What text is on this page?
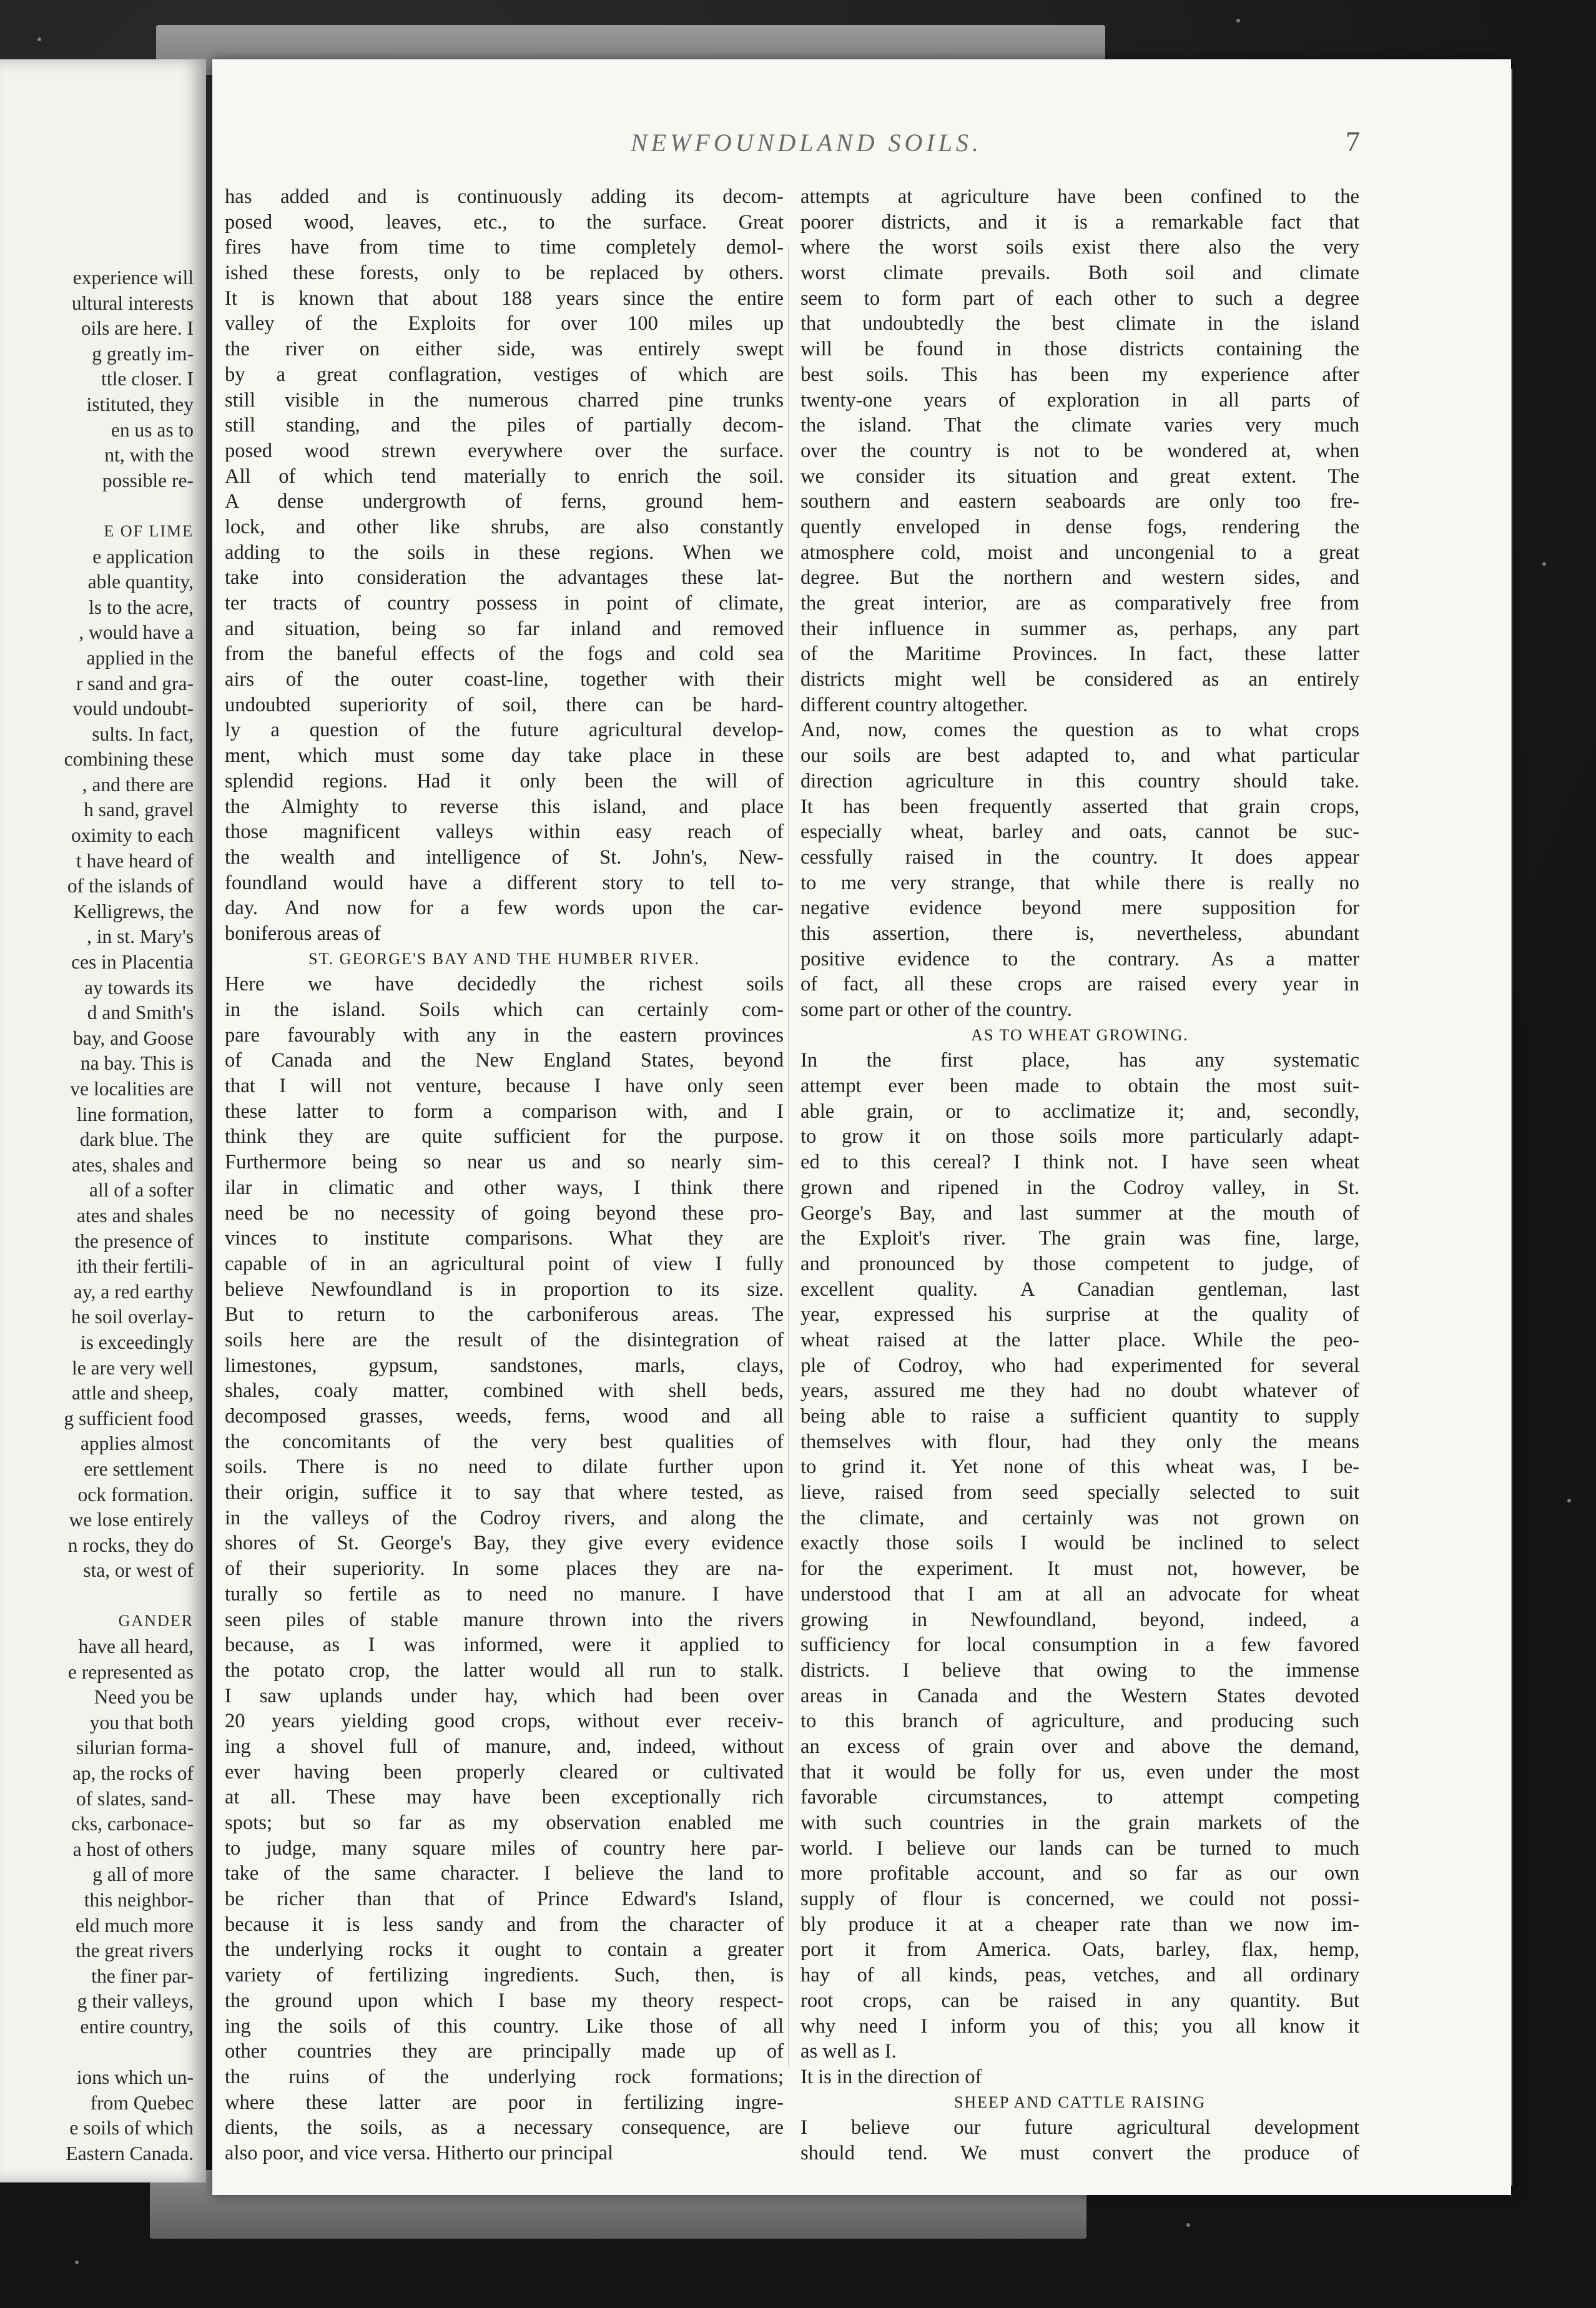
experience will
ultural interests
oils are here. I
g greatly im-
ttle closer. I
istituted, they
en us as to
nt, with the
possible re-
E OF LIME
e application
able quantity,
ls to the acre,
, would have a
applied in the
r sand and gra-
vould undoubt-
sults. In fact,
combining these
, and there are
h sand, gravel
oximity to each
t have heard of
of the islands of
Kelligrews, the
, in st. Mary's
ces in Placentia
ay towards its
d and Smith's
bay, and Goose
na bay. This is
ve localities are
line formation,
dark blue. The
ates, shales and
all of a softer
ates and shales
the presence of
ith their fertili-
ay, a red earthy
he soil overlay-
is exceedingly
le are very well
attle and sheep,
g sufficient food
applies almost
ere settlement
ock formation.
we lose entirely
n rocks, they do
sta, or west of
GANDER
have all heard,
e represented as
Need you be
you that both
silurian forma-
ap, the rocks of
of slates, sand-
cks, carbonace-
a host of others
g all of more
this neighbor-
eld much more
the great rivers
the finer par-
g their valleys,
entire country,
ions which un-
from Quebec
e soils of which
Eastern Canada.
NEWFOUNDLAND SOILS.	7
has added and is continuously adding its decom-
posed wood, leaves, etc., to the surface. Great
fires have from time to time completely demol-
ished these forests, only to be replaced by others.
It is known that about 188 years since the entire
valley of the Exploits for over 100 miles up
the river on either side, was entirely swept
by a great conflagration, vestiges of which are
still visible in the numerous charred pine trunks
still standing, and the piles of partially decom-
posed wood strewn everywhere over the surface.
All of which tend materially to enrich the soil.
A dense undergrowth of ferns, ground hem-
lock, and other like shrubs, are also constantly
adding to the soils in these regions. When we
take into consideration the advantages these lat-
ter tracts of country possess in point of climate,
and situation, being so far inland and removed
from the baneful effects of the fogs and cold sea
airs of the outer coast-line, together with their
undoubted superiority of soil, there can be hard-
ly a question of the future agricultural develop-
ment, which must some day take place in these
splendid regions. Had it only been the will of
the Almighty to reverse this island, and place
those magnificent valleys within easy reach of
the wealth and intelligence of St. John's, New-
foundland would have a different story to tell to-
day. And now for a few words upon the car-
boniferous areas of
ST. GEORGE'S BAY AND THE HUMBER RIVER.
Here we have decidedly the richest soils
in the island. Soils which can certainly com-
pare favourably with any in the eastern provinces
of Canada and the New England States, beyond
that I will not venture, because I have only seen
these latter to form a comparison with, and I
think they are quite sufficient for the purpose.
Furthermore being so near us and so nearly sim-
ilar in climatic and other ways, I think there
need be no necessity of going beyond these pro-
vinces to institute comparisons. What they are
capable of in an agricultural point of view I fully
believe Newfoundland is in proportion to its size.
But to return to the carboniferous areas. The
soils here are the result of the disintegration of
limestones, gypsum, sandstones, marls, clays,
shales, coaly matter, combined with shell beds,
decomposed grasses, weeds, ferns, wood and all
the concomitants of the very best qualities of
soils. There is no need to dilate further upon
their origin, suffice it to say that where tested, as
in the valleys of the Codroy rivers, and along the
shores of St. George's Bay, they give every evidence
of their superiority. In some places they are na-
turally so fertile as to need no manure. I have
seen piles of stable manure thrown into the rivers
because, as I was informed, were it applied to
the potato crop, the latter would all run to stalk.
I saw uplands under hay, which had been over
20 years yielding good crops, without ever receiv-
ing a shovel full of manure, and, indeed, without
ever having been properly cleared or cultivated
at all. These may have been exceptionally rich
spots; but so far as my observation enabled me
to judge, many square miles of country here par-
take of the same character. I believe the land to
be richer than that of Prince Edward's Island,
because it is less sandy and from the character of
the underlying rocks it ought to contain a greater
variety of fertilizing ingredients. Such, then, is
the ground upon which I base my theory respect-
ing the soils of this country. Like those of all
other countries they are principally made up of
the ruins of the underlying rock formations;
where these latter are poor in fertilizing ingre-
dients, the soils, as a necessary consequence, are
also poor, and vice versa. Hitherto our principal
attempts at agriculture have been confined to the
poorer districts, and it is a remarkable fact that
where the worst soils exist there also the very
worst climate prevails. Both soil and climate
seem to form part of each other to such a degree
that undoubtedly the best climate in the island
will be found in those districts containing the
best soils. This has been my experience after
twenty-one years of exploration in all parts of
the island. That the climate varies very much
over the country is not to be wondered at, when
we consider its situation and great extent. The
southern and eastern seaboards are only too fre-
quently enveloped in dense fogs, rendering the
atmosphere cold, moist and uncongenial to a great
degree. But the northern and western sides, and
the great interior, are as comparatively free from
their influence in summer as, perhaps, any part
of the Maritime Provinces. In fact, these latter
districts might well be considered as an entirely
different country altogether.
And, now, comes the question as to what crops
our soils are best adapted to, and what particular
direction agriculture in this country should take.
It has been frequently asserted that grain crops,
especially wheat, barley and oats, cannot be suc-
cessfully raised in the country. It does appear
to me very strange, that while there is really no
negative evidence beyond mere supposition for
this assertion, there is, nevertheless, abundant
positive evidence to the contrary. As a matter
of fact, all these crops are raised every year in
some part or other of the country.
AS TO WHEAT GROWING.
In the first place, has any systematic
attempt ever been made to obtain the most suit-
able grain, or to acclimatize it; and, secondly,
to grow it on those soils more particularly adapt-
ed to this cereal? I think not. I have seen wheat
grown and ripened in the Codroy valley, in St.
George's Bay, and last summer at the mouth of
the Exploit's river. The grain was fine, large,
and pronounced by those competent to judge, of
excellent quality. A Canadian gentleman, last
year, expressed his surprise at the quality of
wheat raised at the latter place. While the peo-
ple of Codroy, who had experimented for several
years, assured me they had no doubt whatever of
being able to raise a sufficient quantity to supply
themselves with flour, had they only the means
to grind it. Yet none of this wheat was, I be-
lieve, raised from seed specially selected to suit
the climate, and certainly was not grown on
exactly those soils I would be inclined to select
for the experiment. It must not, however, be
understood that I am at all an advocate for wheat
growing in Newfoundland, beyond, indeed, a
sufficiency for local consumption in a few favored
districts. I believe that owing to the immense
areas in Canada and the Western States devoted
to this branch of agriculture, and producing such
an excess of grain over and above the demand,
that it would be folly for us, even under the most
favorable circumstances, to attempt competing
with such countries in the grain markets of the
world. I believe our lands can be turned to much
more profitable account, and so far as our own
supply of flour is concerned, we could not possi-
bly produce it at a cheaper rate than we now im-
port it from America. Oats, barley, flax, hemp,
hay of all kinds, peas, vetches, and all ordinary
root crops, can be raised in any quantity. But
why need I inform you of this; you all know it
as well as I.
It is in the direction of
SHEEP AND CATTLE RAISING
I believe our future agricultural development
should tend. We must convert the produce of
